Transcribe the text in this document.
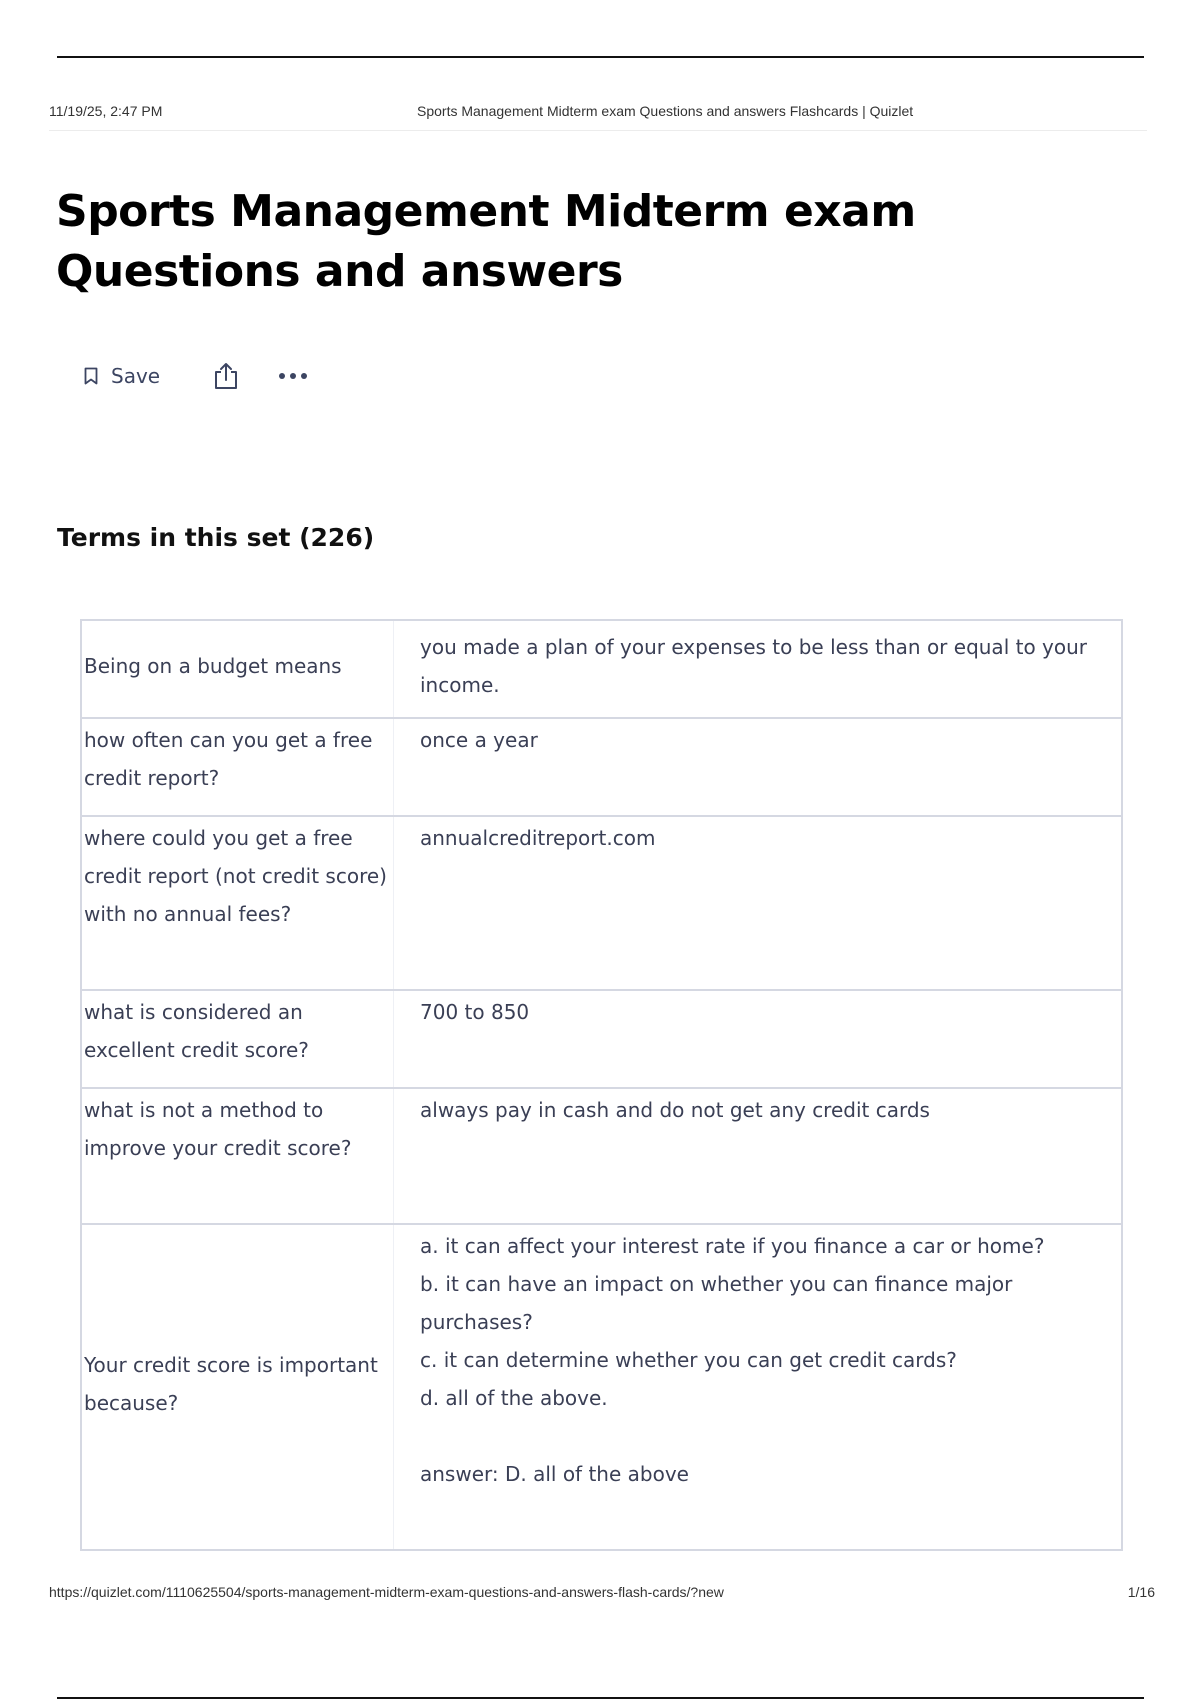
11/19/25, 2:47 PM	Sports Management Midterm exam Questions and answers Flashcards | Quizlet
Sports Management Midterm exam Questions and answers
Save
Terms in this set (226)
Being on a budget means
you made a plan of your expenses to be less than or equal to your income.
how often can you get a free credit report?
once a year
where could you get a free credit report (not credit score) with no annual fees?
annualcreditreport.com
what is considered an excellent credit score?
700 to 850
what is not a method to improve your credit score?
always pay in cash and do not get any credit cards
Your credit score is important because?
a. it can affect your interest rate if you finance a car or home?
b. it can have an impact on whether you can finance major purchases?
c. it can determine whether you can get credit cards?
d. all of the above.

answer: D. all of the above
https://quizlet.com/1110625504/sports-management-midterm-exam-questions-and-answers-flash-cards/?new	1/16
